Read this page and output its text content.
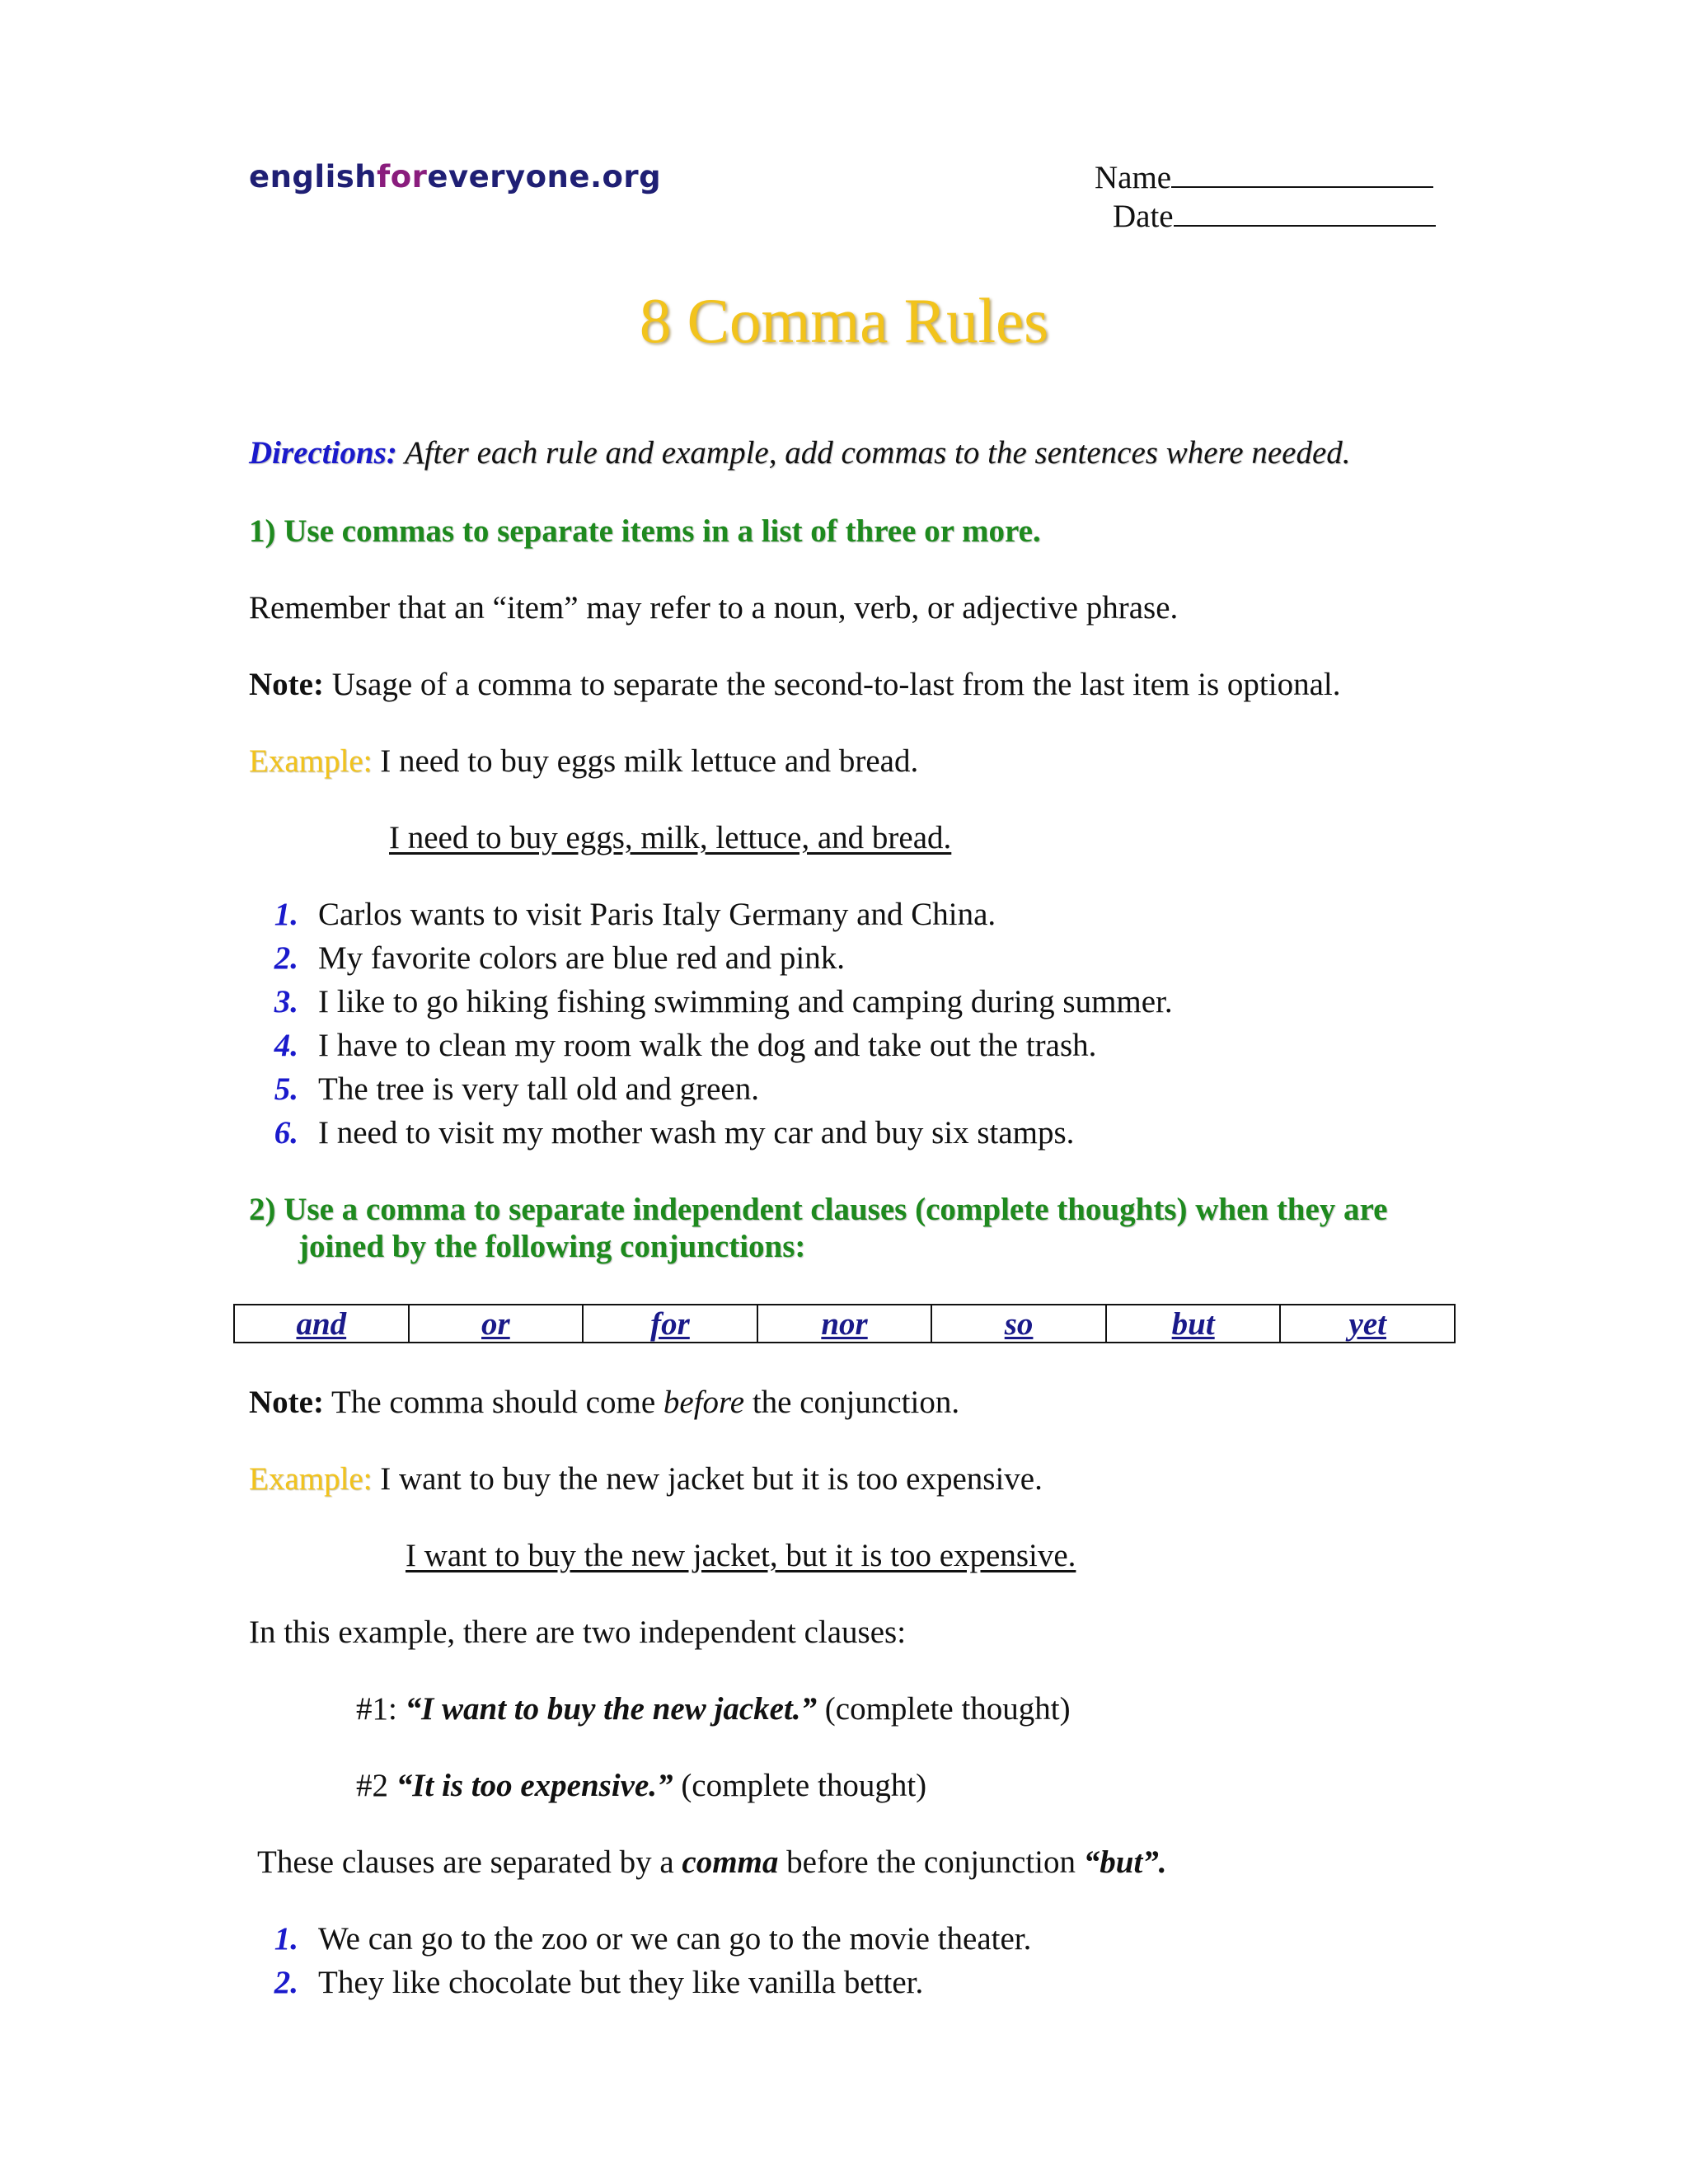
englishforeveryone.org	Name
Date
8 Comma Rules
Directions: After each rule and example, add commas to the sentences where needed.
1) Use commas to separate items in a list of three or more.
Remember that an “item” may refer to a noun, verb, or adjective phrase.
Note: Usage of a comma to separate the second-to-last from the last item is optional.
Example: I need to buy eggs milk lettuce and bread.
I need to buy eggs, milk, lettuce, and bread.
1. Carlos wants to visit Paris Italy Germany and China.
2. My favorite colors are blue red and pink.
3. I like to go hiking fishing swimming and camping during summer.
4. I have to clean my room walk the dog and take out the trash.
5. The tree is very tall old and green.
6. I need to visit my mother wash my car and buy six stamps.
2) Use a comma to separate independent clauses (complete thoughts) when they are
joined by the following conjunctions:
and	or	for	nor	so	but	yet
Note: The comma should come before the conjunction.
Example: I want to buy the new jacket but it is too expensive.
I want to buy the new jacket, but it is too expensive.
In this example, there are two independent clauses:
#1: “I want to buy the new jacket.” (complete thought)
#2 “It is too expensive.” (complete thought)
These clauses are separated by a comma before the conjunction “but”.
1. We can go to the zoo or we can go to the movie theater.
2. They like chocolate but they like vanilla better.
